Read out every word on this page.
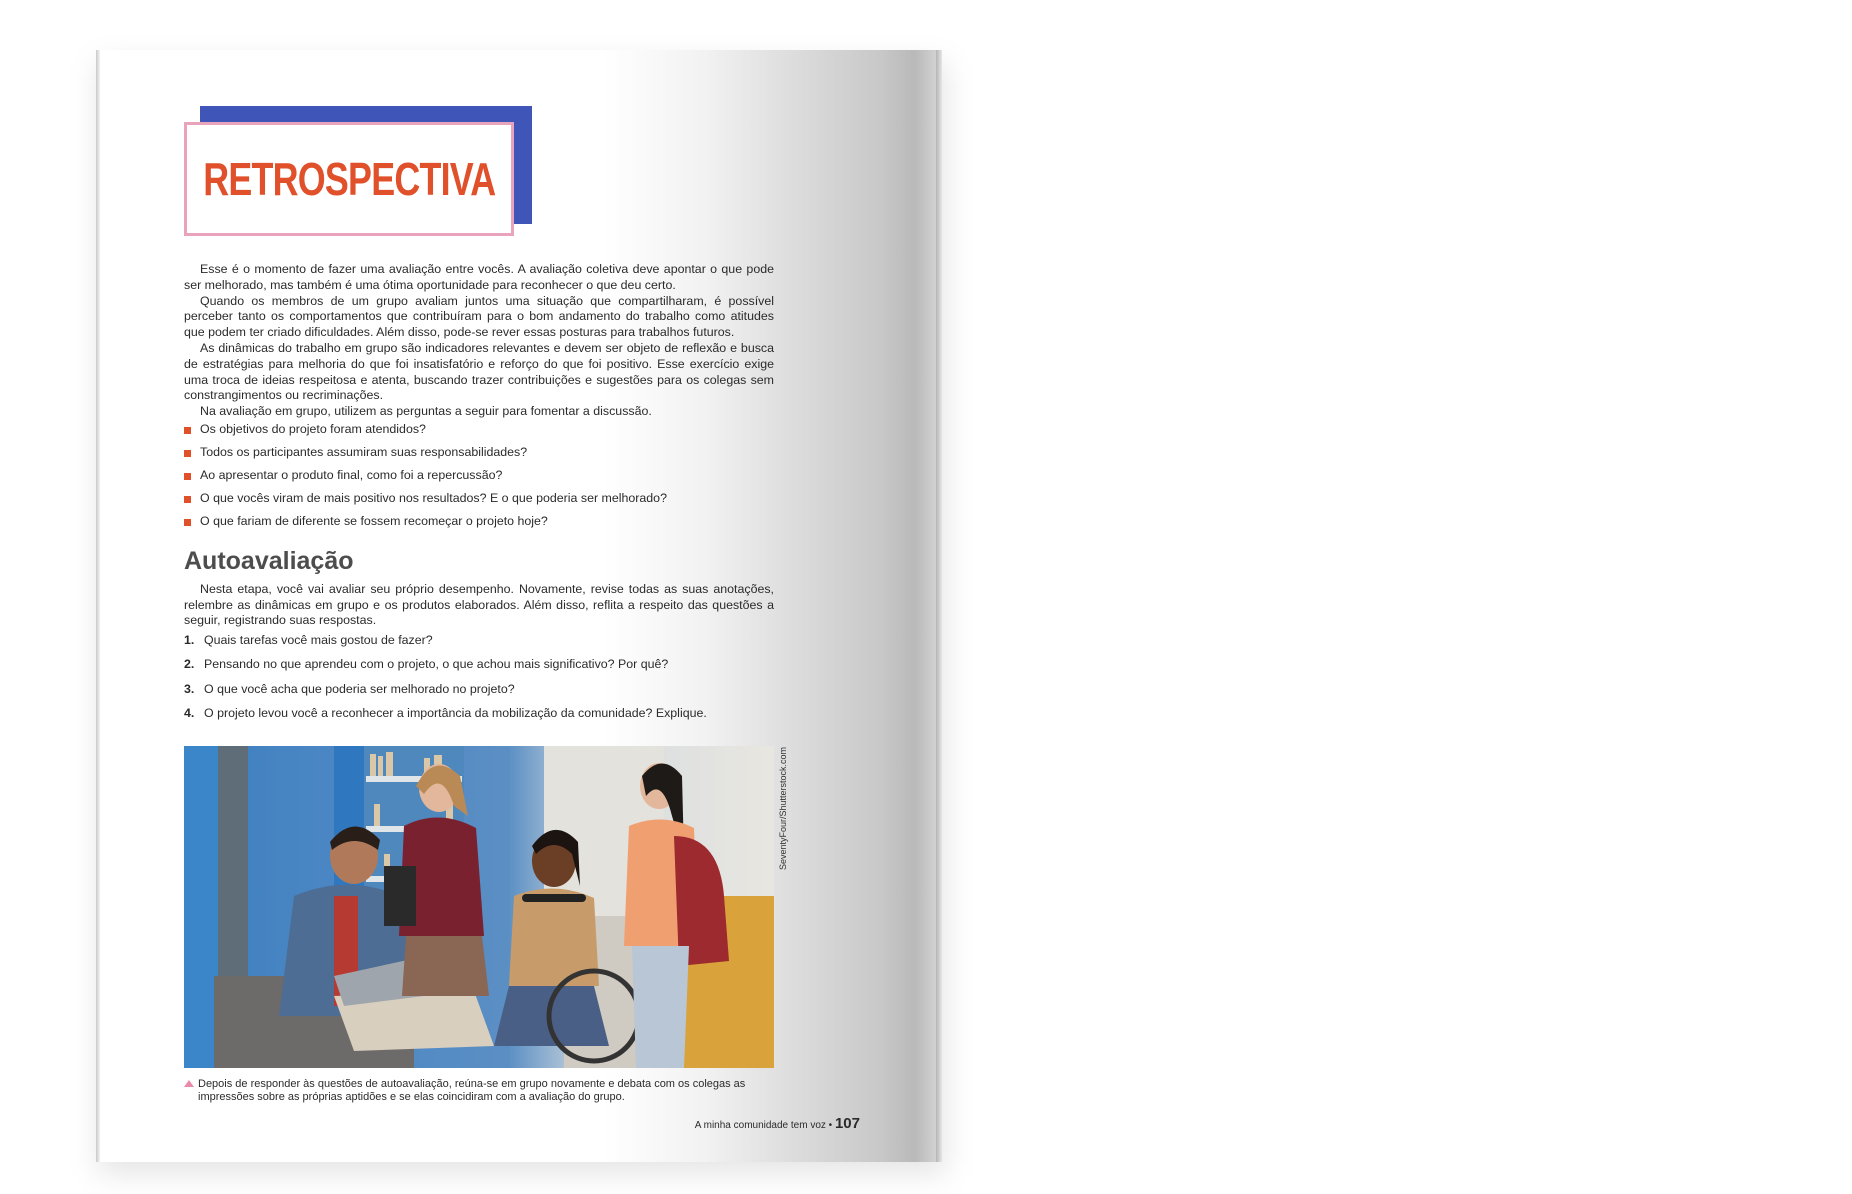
RETROSPECTIVA

Esse é o momento de fazer uma avaliação entre vocês. A avaliação coletiva deve apontar o que pode ser melhorado, mas também é uma ótima oportunidade para reconhecer o que deu certo.

Quando os membros de um grupo avaliam juntos uma situação que compartilharam, é possível perceber tanto os comportamentos que contribuíram para o bom andamento do trabalho como atitudes que podem ter criado dificuldades. Além disso, pode-se rever essas posturas para trabalhos futuros.

As dinâmicas do trabalho em grupo são indicadores relevantes e devem ser objeto de reflexão e busca de estratégias para melhoria do que foi insatisfatório e reforço do que foi positivo. Esse exercício exige uma troca de ideias respeitosa e atenta, buscando trazer contribuições e sugestões para os colegas sem constrangimentos ou recriminações.

Na avaliação em grupo, utilizem as perguntas a seguir para fomentar a discussão.

Os objetivos do projeto foram atendidos?
Todos os participantes assumiram suas responsabilidades?
Ao apresentar o produto final, como foi a repercussão?
O que vocês viram de mais positivo nos resultados? E o que poderia ser melhorado?
O que fariam de diferente se fossem recomeçar o projeto hoje?
Autoavaliação

Nesta etapa, você vai avaliar seu próprio desempenho. Novamente, revise todas as suas anotações, relembre as dinâmicas em grupo e os produtos elaborados. Além disso, reflita a respeito das questões a seguir, registrando suas respostas.

1. Quais tarefas você mais gostou de fazer?
2. Pensando no que aprendeu com o projeto, o que achou mais significativo? Por quê?
3. O que você acha que poderia ser melhorado no projeto?
4. O projeto levou você a reconhecer a importância da mobilização da comunidade? Explique.
SeventyFour/Shutterstock.com
Depois de responder às questões de autoavaliação, reúna-se em grupo novamente e debata com os colegas as impressões sobre as próprias aptidões e se elas coincidiram com a avaliação do grupo.
A minha comunidade tem voz • 107
